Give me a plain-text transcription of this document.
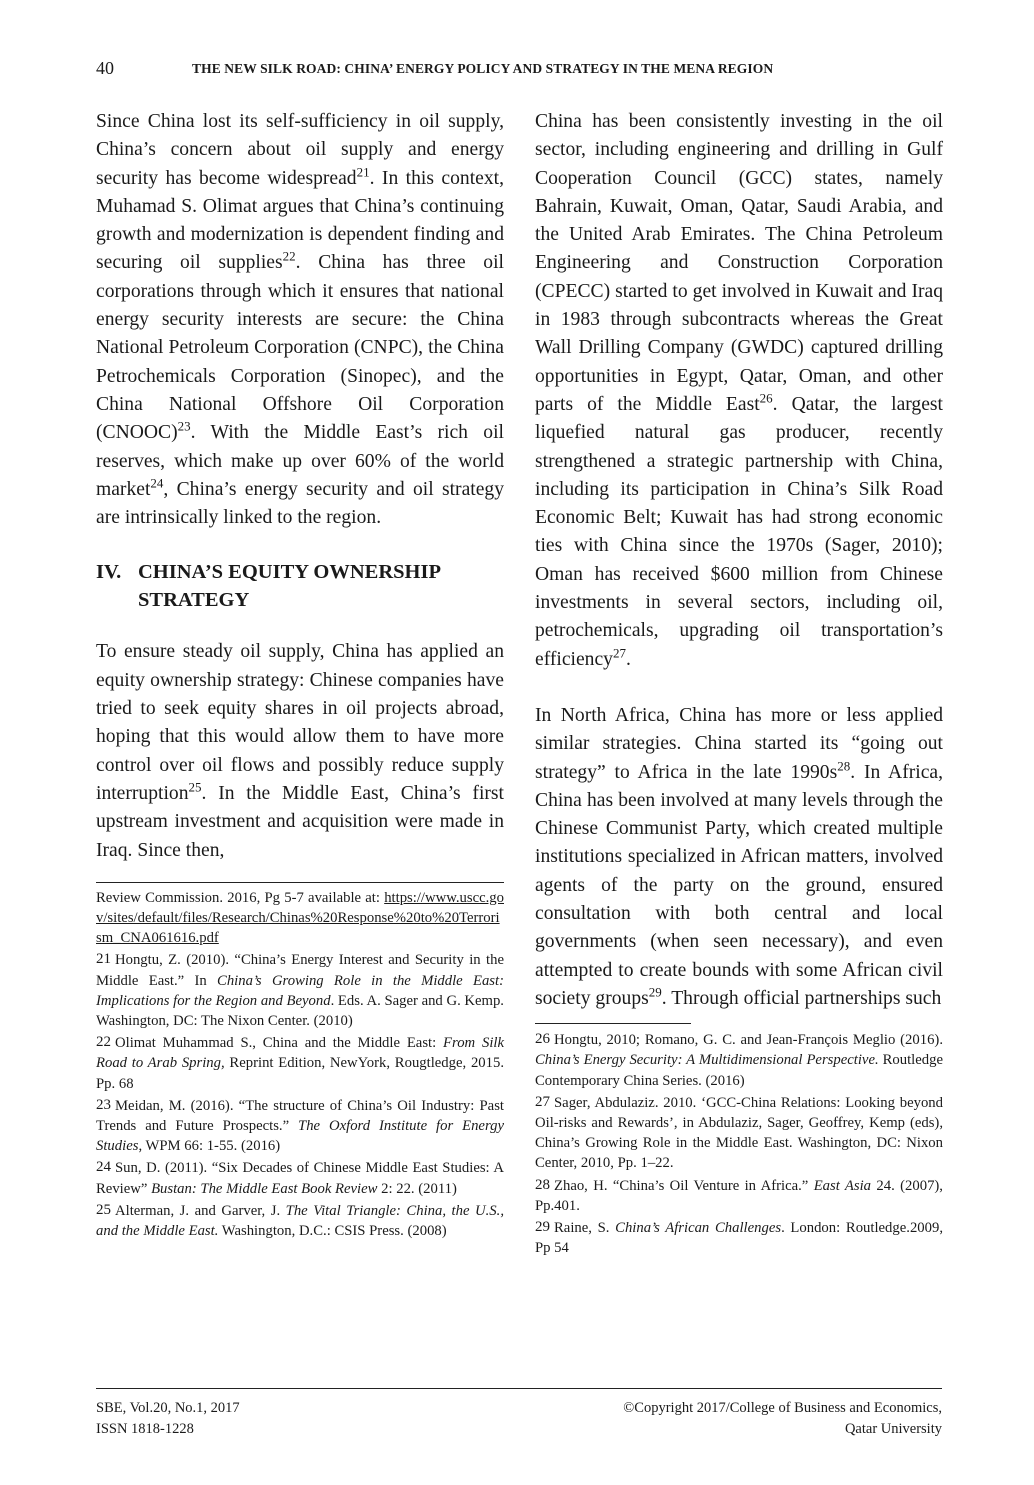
40	THE NEW SILK ROAD: CHINA’ ENERGY POLICY AND STRATEGY IN THE MENA REGION

Since China lost its self-sufficiency in oil supply, China’s concern about oil supply and energy security has become widespread$^{21}$. In this context, Muhamad S. Olimat argues that China’s continuing growth and modernization is dependent finding and securing oil supplies$^{22}$. China has three oil corporations through which it ensures that national energy security interests are secure: the China National Petroleum Corporation (CNPC), the China Petrochemicals Corporation (Sinopec), and the China National Offshore Oil Corporation (CNOOC)$^{23}$. With the Middle East’s rich oil reserves, which make up over 60% of the world market$^{24}$, China’s energy security and oil strategy are intrinsically linked to the region.

IV. CHINA’S EQUITY OWNERSHIP
STRATEGY

To ensure steady oil supply, China has applied an equity ownership strategy: Chinese companies have tried to seek equity shares in oil projects abroad, hoping that this would allow them to have more control over oil flows and possibly reduce supply interruption$^{25}$. In the Middle East, China’s first upstream investment and acquisition were made in Iraq. Since then,

Review Commission. 2016, Pg 5-7 available at: https://www.uscc.gov/sites/default/files/Research/Chinas%20Response%20to%20Terrorism_CNA061616.pdf

21 Hongtu, Z. (2010). “China’s Energy Interest and Security in the Middle East.” In China’s Growing Role in the Middle East: Implications for the Region and Beyond. Eds. A. Sager and G. Kemp. Washington, DC: The Nixon Center. (2010)

22 Olimat Muhammad S., China and the Middle East: From Silk Road to Arab Spring, Reprint Edition, NewYork, Rougtledge, 2015. Pp. 68

23 Meidan, M. (2016). “The structure of China’s Oil Industry: Past Trends and Future Prospects.” The Oxford Institute for Energy Studies, WPM 66: 1-55. (2016)

24 Sun, D. (2011). “Six Decades of Chinese Middle East Studies: A Review” Bustan: The Middle East Book Review 2: 22. (2011)

25 Alterman, J. and Garver, J. The Vital Triangle: China, the U.S., and the Middle East. Washington, D.C.: CSIS Press. (2008)

China has been consistently investing in the oil sector, including engineering and drilling in Gulf Cooperation Council (GCC) states, namely Bahrain, Kuwait, Oman, Qatar, Saudi Arabia, and the United Arab Emirates. The China Petroleum Engineering and Construction Corporation (CPECC) started to get involved in Kuwait and Iraq in 1983 through subcontracts whereas the Great Wall Drilling Company (GWDC) captured drilling opportunities in Egypt, Qatar, Oman, and other parts of the Middle East$^{26}$. Qatar, the largest liquefied natural gas producer, recently strengthened a strategic partnership with China, including its participation in China’s Silk Road Economic Belt; Kuwait has had strong economic ties with China since the 1970s (Sager, 2010); Oman has received $600 million from Chinese investments in several sectors, including oil, petrochemicals, upgrading oil transportation’s efficiency$^{27}$.

In North Africa, China has more or less applied similar strategies. China started its “going out strategy” to Africa in the late $1990s^{28}$. In Africa, China has been involved at many levels through the Chinese Communist Party, which created multiple institutions specialized in African matters, involved agents of the party on the ground, ensured consultation with both central and local governments (when seen necessary), and even attempted to create bounds with some African civil society groups$^{29}$. Through official partnerships such

26 Hongtu, 2010; Romano, G. C. and Jean-François Meglio (2016). China’s Energy Security: A Multidimensional Perspective. Routledge Contemporary China Series. (2016)

27 Sager, Abdulaziz. 2010. ‘GCC-China Relations: Looking beyond Oil-risks and Rewards’, in Abdulaziz, Sager, Geoffrey, Kemp (eds), China’s Growing Role in the Middle East. Washington, DC: Nixon Center, 2010, Pp. 1–22.

28 Zhao, H. “China’s Oil Venture in Africa.” East Asia 24. (2007), Pp.401.

29 Raine, S. China’s African Challenges. London: Routledge.2009, Pp 54

SBE, Vol.20, No.1, 2017
ISSN 1818-1228
©Copyright 2017/College of Business and Economics,
Qatar University
